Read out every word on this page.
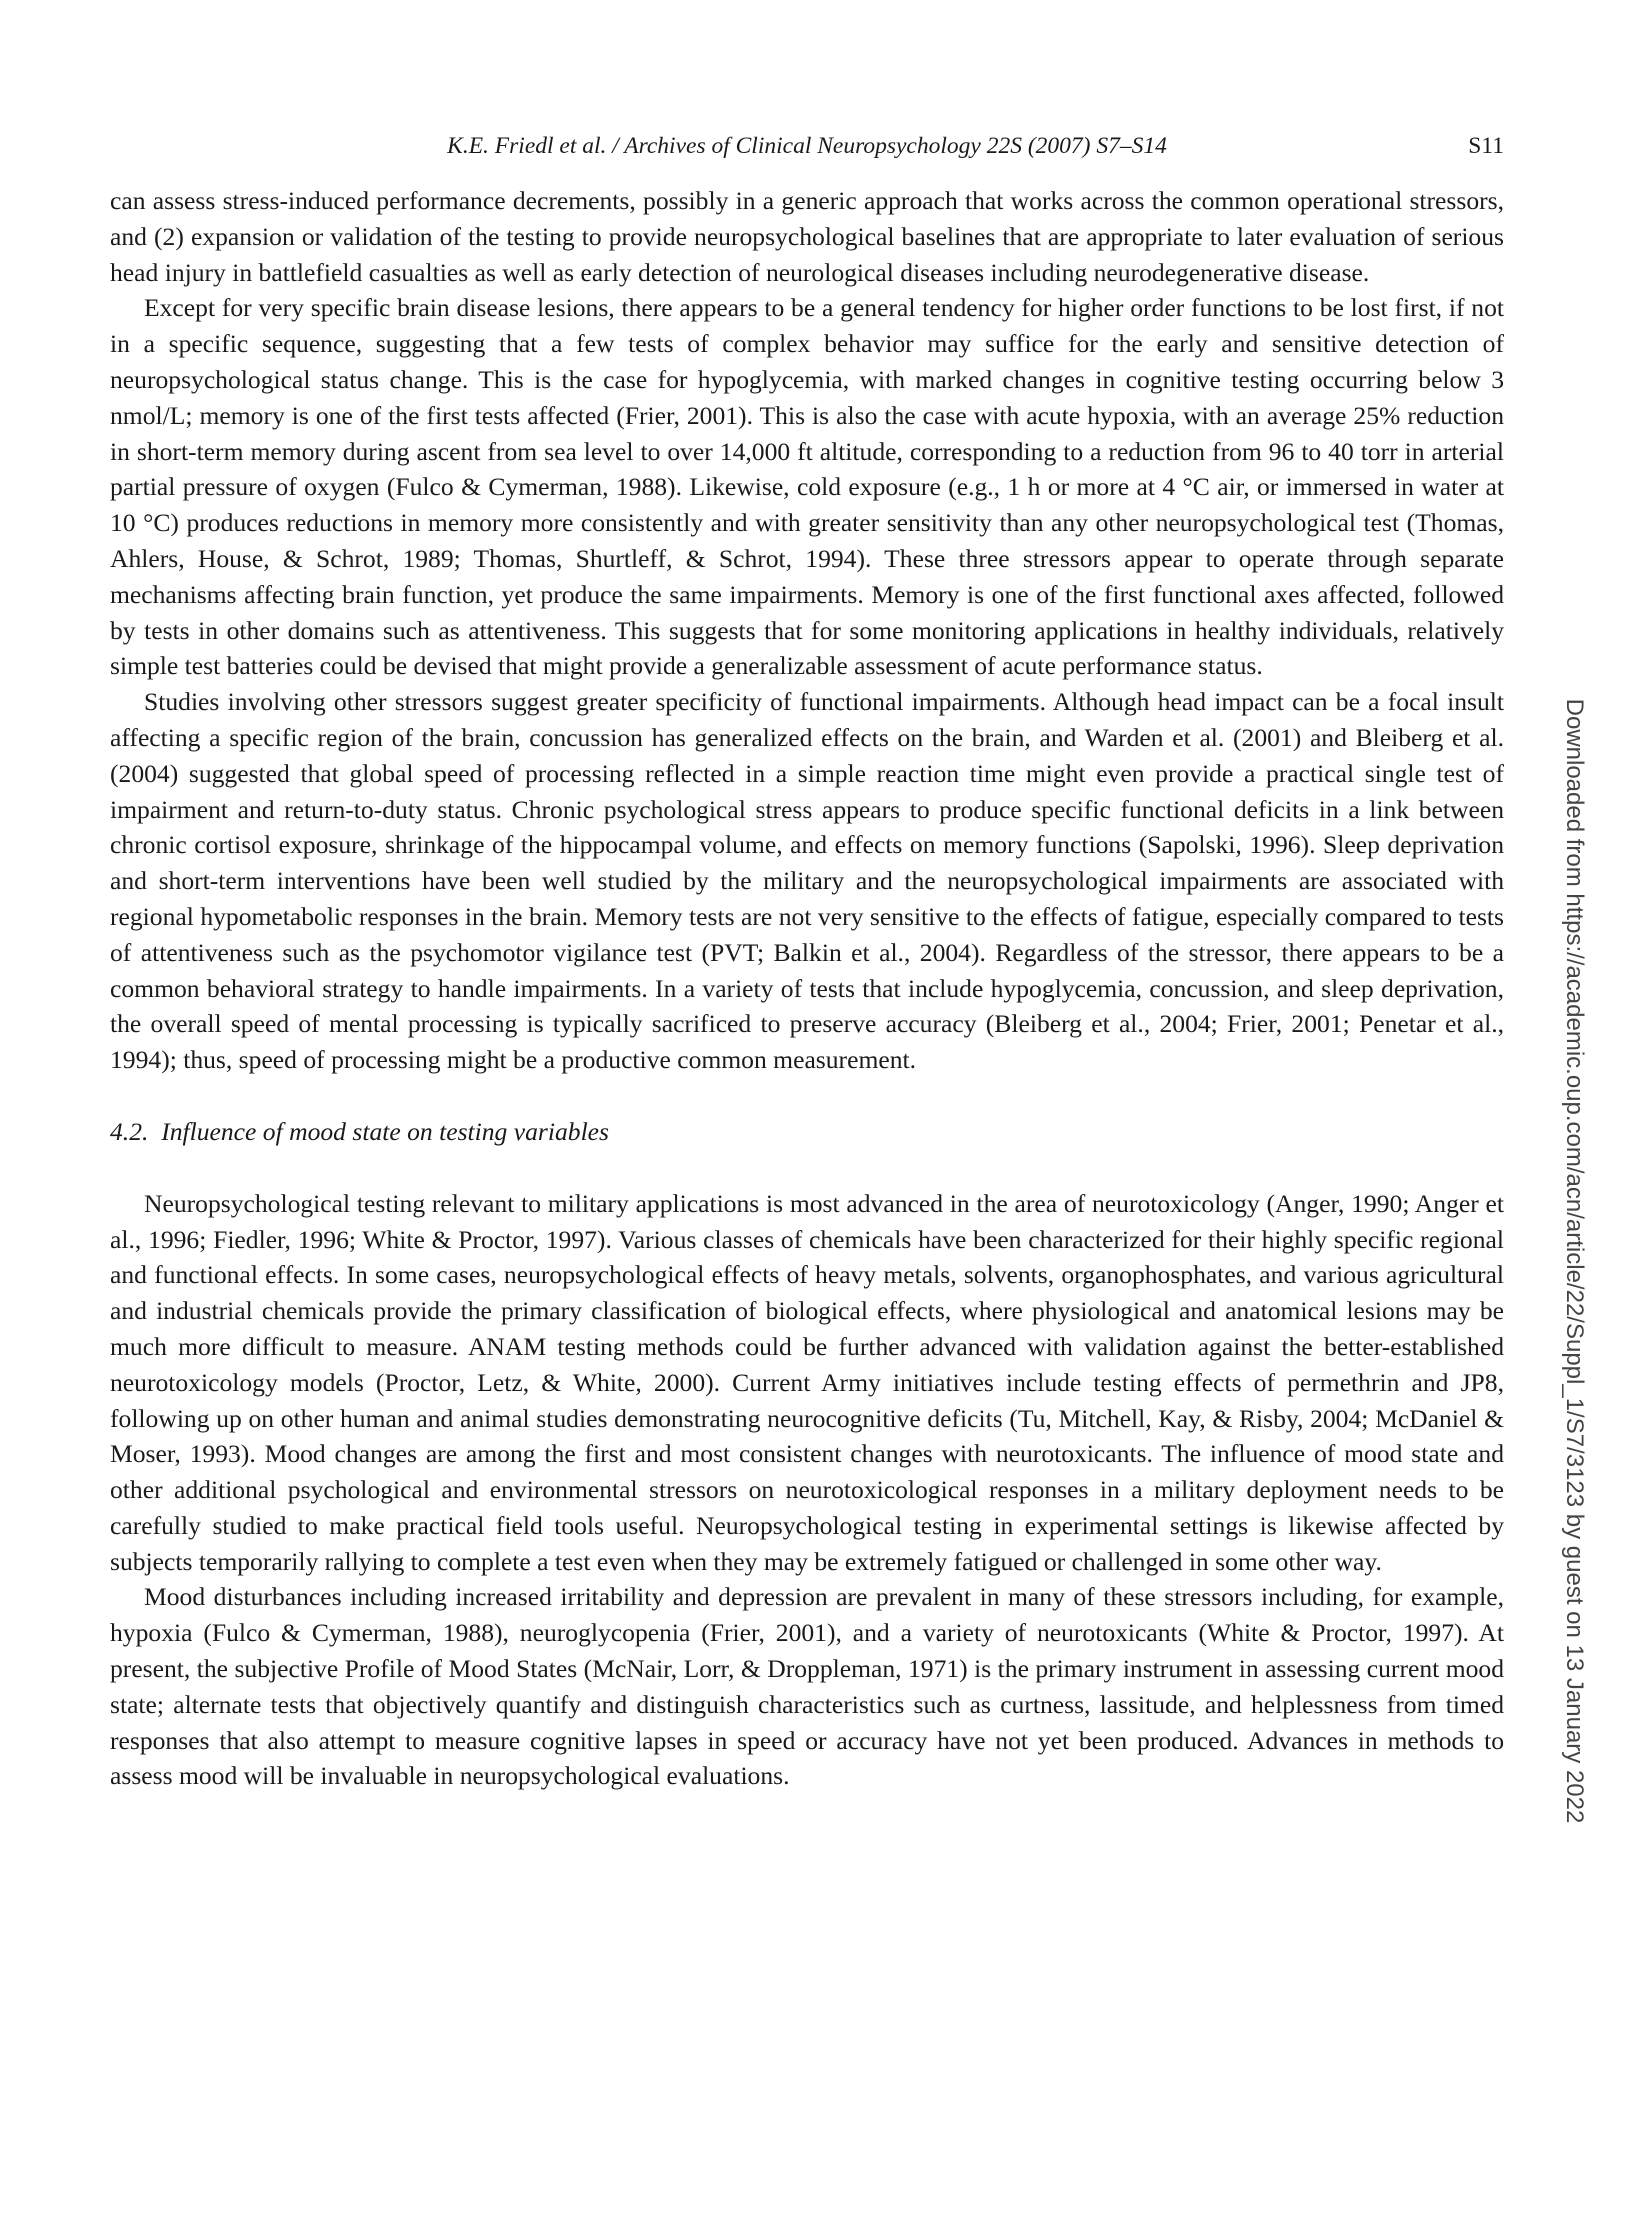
K.E. Friedl et al. / Archives of Clinical Neuropsychology 22S (2007) S7–S14	S11

can assess stress-induced performance decrements, possibly in a generic approach that works across the common operational stressors, and (2) expansion or validation of the testing to provide neuropsychological baselines that are appropriate to later evaluation of serious head injury in battlefield casualties as well as early detection of neurological diseases including neurodegenerative disease.

Except for very specific brain disease lesions, there appears to be a general tendency for higher order functions to be lost first, if not in a specific sequence, suggesting that a few tests of complex behavior may suffice for the early and sensitive detection of neuropsychological status change. This is the case for hypoglycemia, with marked changes in cognitive testing occurring below 3 nmol/L; memory is one of the first tests affected (Frier, 2001). This is also the case with acute hypoxia, with an average 25% reduction in short-term memory during ascent from sea level to over 14,000 ft altitude, corresponding to a reduction from 96 to 40 torr in arterial partial pressure of oxygen (Fulco & Cymerman, 1988). Likewise, cold exposure (e.g., 1 h or more at 4 °C air, or immersed in water at 10 °C) produces reductions in memory more consistently and with greater sensitivity than any other neuropsychological test (Thomas, Ahlers, House, & Schrot, 1989; Thomas, Shurtleff, & Schrot, 1994). These three stressors appear to operate through separate mechanisms affecting brain function, yet produce the same impairments. Memory is one of the first functional axes affected, followed by tests in other domains such as attentiveness. This suggests that for some monitoring applications in healthy individuals, relatively simple test batteries could be devised that might provide a generalizable assessment of acute performance status.

Studies involving other stressors suggest greater specificity of functional impairments. Although head impact can be a focal insult affecting a specific region of the brain, concussion has generalized effects on the brain, and Warden et al. (2001) and Bleiberg et al. (2004) suggested that global speed of processing reflected in a simple reaction time might even provide a practical single test of impairment and return-to-duty status. Chronic psychological stress appears to produce specific functional deficits in a link between chronic cortisol exposure, shrinkage of the hippocampal volume, and effects on memory functions (Sapolski, 1996). Sleep deprivation and short-term interventions have been well studied by the military and the neuropsychological impairments are associated with regional hypometabolic responses in the brain. Memory tests are not very sensitive to the effects of fatigue, especially compared to tests of attentiveness such as the psychomotor vigilance test (PVT; Balkin et al., 2004). Regardless of the stressor, there appears to be a common behavioral strategy to handle impairments. In a variety of tests that include hypoglycemia, concussion, and sleep deprivation, the overall speed of mental processing is typically sacrificed to preserve accuracy (Bleiberg et al., 2004; Frier, 2001; Penetar et al., 1994); thus, speed of processing might be a productive common measurement.

4.2. Influence of mood state on testing variables

Neuropsychological testing relevant to military applications is most advanced in the area of neurotoxicology (Anger, 1990; Anger et al., 1996; Fiedler, 1996; White & Proctor, 1997). Various classes of chemicals have been characterized for their highly specific regional and functional effects. In some cases, neuropsychological effects of heavy metals, solvents, organophosphates, and various agricultural and industrial chemicals provide the primary classification of biological effects, where physiological and anatomical lesions may be much more difficult to measure. ANAM testing methods could be further advanced with validation against the better-established neurotoxicology models (Proctor, Letz, & White, 2000). Current Army initiatives include testing effects of permethrin and JP8, following up on other human and animal studies demonstrating neurocognitive deficits (Tu, Mitchell, Kay, & Risby, 2004; McDaniel & Moser, 1993). Mood changes are among the first and most consistent changes with neurotoxicants. The influence of mood state and other additional psychological and environmental stressors on neurotoxicological responses in a military deployment needs to be carefully studied to make practical field tools useful. Neuropsychological testing in experimental settings is likewise affected by subjects temporarily rallying to complete a test even when they may be extremely fatigued or challenged in some other way.

Mood disturbances including increased irritability and depression are prevalent in many of these stressors including, for example, hypoxia (Fulco & Cymerman, 1988), neuroglycopenia (Frier, 2001), and a variety of neurotoxicants (White & Proctor, 1997). At present, the subjective Profile of Mood States (McNair, Lorr, & Droppleman, 1971) is the primary instrument in assessing current mood state; alternate tests that objectively quantify and distinguish characteristics such as curtness, lassitude, and helplessness from timed responses that also attempt to measure cognitive lapses in speed or accuracy have not yet been produced. Advances in methods to assess mood will be invaluable in neuropsychological evaluations.	Downloaded from https://academic.oup.com/acn/article/22/Suppl_1/S7/3123 by guest on 13 January 2022
